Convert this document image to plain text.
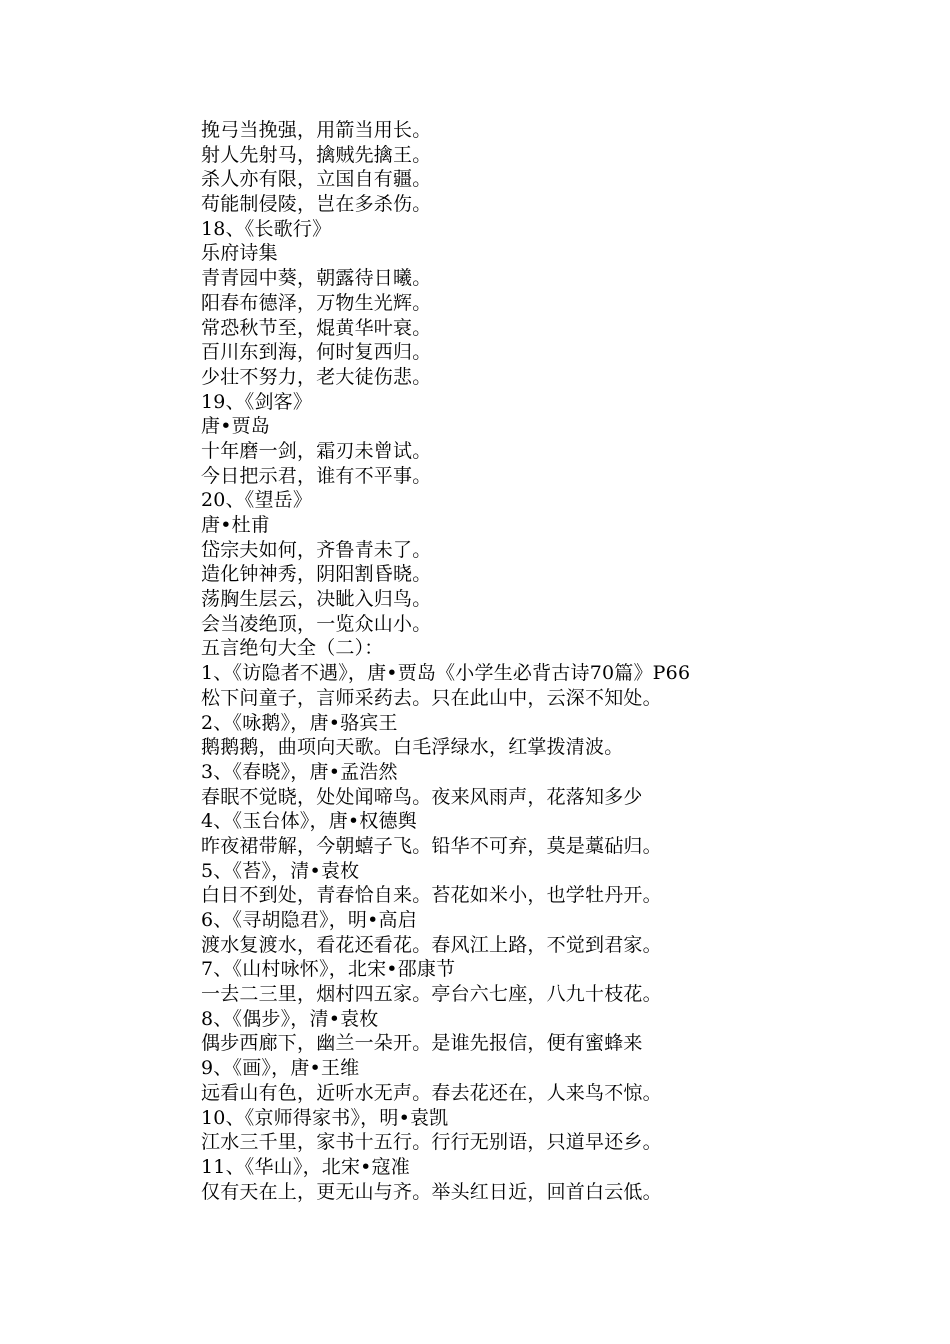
挽弓当挽强，用箭当用长。
射人先射马，擒贼先擒王。
杀人亦有限，立国自有疆。
苟能制侵陵，岂在多杀伤。
18、《长歌行》
乐府诗集
青青园中葵，朝露待日曦。
阳春布德泽，万物生光辉。
常恐秋节至，焜黄华叶衰。
百川东到海，何时复西归。
少壮不努力，老大徒伤悲。
19、《剑客》
唐•贾岛
十年磨一剑，霜刃未曾试。
今日把示君，谁有不平事。
20、《望岳》
唐•杜甫
岱宗夫如何，齐鲁青未了。
造化钟神秀，阴阳割昏晓。
荡胸生层云，决眦入归鸟。
会当凌绝顶，一览众山小。
五言绝句大全（二）：
1、《访隐者不遇》，唐•贾岛《小学生必背古诗70篇》P66
松下问童子，言师采药去。只在此山中，云深不知处。
2、《咏鹅》，唐•骆宾王
鹅鹅鹅，曲项向天歌。白毛浮绿水，红掌拨清波。
3、《春晓》，唐•孟浩然
春眠不觉晓，处处闻啼鸟。夜来风雨声，花落知多少
4、《玉台体》，唐•权德舆
昨夜裙带解，今朝蟢子飞。铅华不可弃，莫是藁砧归。
5、《苔》，清•袁枚
白日不到处，青春恰自来。苔花如米小，也学牡丹开。
6、《寻胡隐君》，明•高启
渡水复渡水，看花还看花。春风江上路，不觉到君家。
7、《山村咏怀》，北宋•邵康节
一去二三里，烟村四五家。亭台六七座，八九十枝花。
8、《偶步》，清•袁枚
偶步西廊下，幽兰一朵开。是谁先报信，便有蜜蜂来
9、《画》，唐•王维
远看山有色，近听水无声。春去花还在，人来鸟不惊。
10、《京师得家书》，明•袁凯
江水三千里，家书十五行。行行无别语，只道早还乡。
11、《华山》，北宋•寇准
仅有天在上，更无山与齐。举头红日近，回首白云低。
